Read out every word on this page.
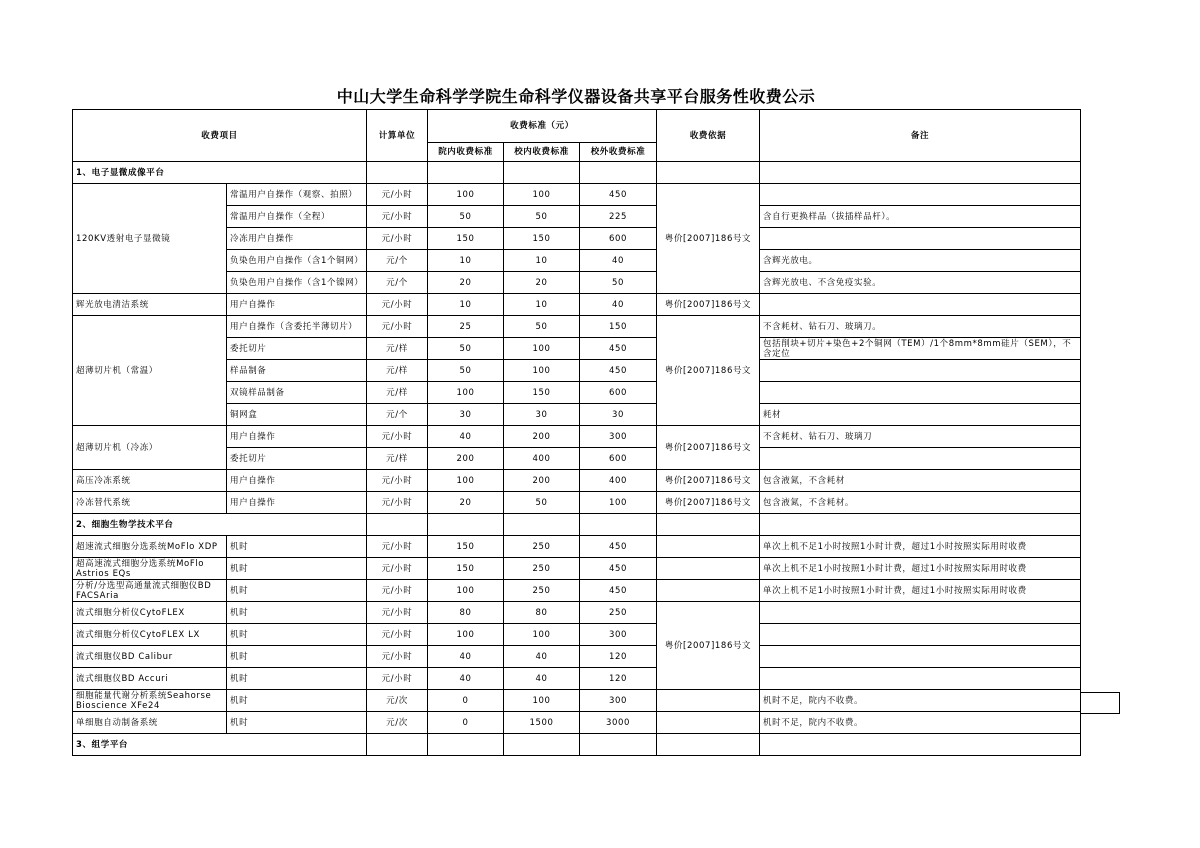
中山大学生命科学学院生命科学仪器设备共享平台服务性收费公示
收费项目		计算单位	收费标准（元）			收费依据	备注
			院内收费标准	校内收费标准	校外收费标准		
1、电子显微成像平台							
120KV透射电子显微镜	常温用户自操作（观察、拍照）	元/小时	100	100	450	粤价[2007]186号文	
	常温用户自操作（全程）	元/小时	50	50	225		含自行更换样品（拔插样品杆）。
	冷冻用户自操作	元/小时	150	150	600		
	负染色用户自操作（含1个铜网）	元/个	10	10	40		含辉光放电。
	负染色用户自操作（含1个镍网）	元/个	20	20	50		含辉光放电、不含免疫实验。
辉光放电清洁系统	用户自操作	元/小时	10	10	40	粤价[2007]186号文	
超薄切片机（常温）	用户自操作（含委托半薄切片）	元/小时	25	50	150	粤价[2007]186号文	不含耗材、钻石刀、玻璃刀。
	委托切片	元/样	50	100	450		包括削块+切片+染色+2个铜网（TEM）/1个8mm*8mm硅片（SEM），不含定位
	样品制备	元/样	50	100	450		
	双镜样品制备	元/样	100	150	600		
	铜网盒	元/个	30	30	30		耗材
超薄切片机（冷冻）	用户自操作	元/小时	40	200	300	粤价[2007]186号文	不含耗材、钻石刀、玻璃刀
	委托切片	元/样	200	400	600		
高压冷冻系统	用户自操作	元/小时	100	200	400	粤价[2007]186号文	包含液氮，不含耗材
冷冻替代系统	用户自操作	元/小时	20	50	100	粤价[2007]186号文	包含液氮，不含耗材。
2、细胞生物学技术平台							
超速流式细胞分选系统MoFlo XDP	机时	元/小时	150	250	450		单次上机不足1小时按照1小时计费，超过1小时按照实际用时收费
超高速流式细胞分选系统MoFlo Astrios EQs	机时	元/小时	150	250	450		单次上机不足1小时按照1小时计费，超过1小时按照实际用时收费
分析/分选型高通量流式细胞仪BD FACSAria	机时	元/小时	100	250	450		单次上机不足1小时按照1小时计费，超过1小时按照实际用时收费
流式细胞分析仪CytoFLEX	机时	元/小时	80	80	250	粤价[2007]186号文	
流式细胞分析仪CytoFLEX LX	机时	元/小时	100	100	300		
流式细胞仪BD Calibur	机时	元/小时	40	40	120		
流式细胞仪BD Accuri	机时	元/小时	40	40	120		
细胞能量代谢分析系统Seahorse Bioscience XFe24	机时	元/次	0	100	300		机时不足，院内不收费。
单细胞自动制备系统	机时	元/次	0	1500	3000		机时不足，院内不收费。
3、组学平台							
